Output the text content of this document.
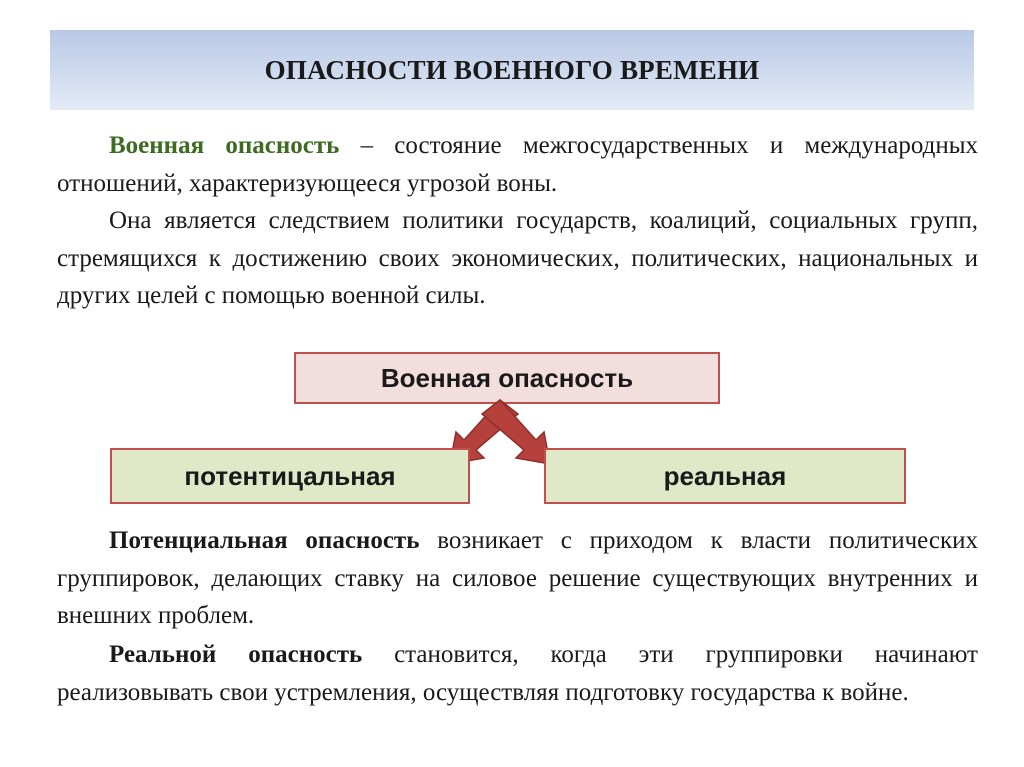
ОПАСНОСТИ ВОЕННОГО ВРЕМЕНИ

Военная опасность – состояние межгосударственных и международных отношений, характеризующееся угрозой воны.

Она является следствием политики государств, коалиций, социальных групп, стремящихся к достижению своих экономических, политических, национальных и других целей с помощью военной силы.

Военная опасность
потентицальная	реальная

Потенциальная опасность возникает с приходом к власти политических группировок, делающих ставку на силовое решение существующих внутренних и внешних проблем.

Реальной опасность становится, когда эти группировки начинают реализовывать свои устремления, осуществляя подготовку государства к войне.
